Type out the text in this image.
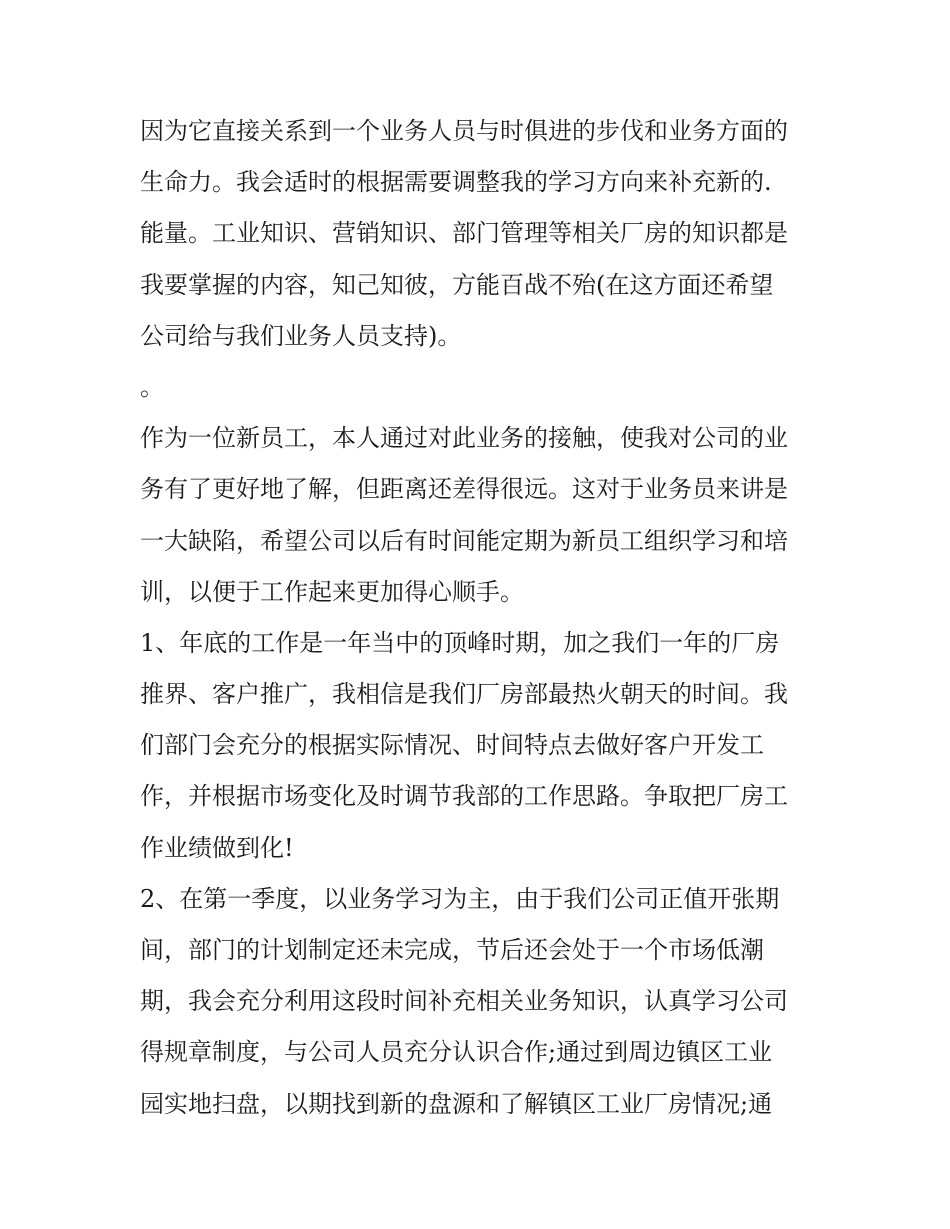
因为它直接关系到一个业务人员与时俱进的步伐和业务方面的
生命力。我会适时的根据需要调整我的学习方向来补充新的.
能量。工业知识、营销知识、部门管理等相关厂房的知识都是
我要掌握的内容，知己知彼，方能百战不殆(在这方面还希望
公司给与我们业务人员支持)。
。
作为一位新员工，本人通过对此业务的接触，使我对公司的业
务有了更好地了解，但距离还差得很远。这对于业务员来讲是
一大缺陷，希望公司以后有时间能定期为新员工组织学习和培
训，以便于工作起来更加得心顺手。
1、年底的工作是一年当中的顶峰时期，加之我们一年的厂房
推界、客户推广，我相信是我们厂房部最热火朝天的时间。我
们部门会充分的根据实际情况、时间特点去做好客户开发工
作，并根据市场变化及时调节我部的工作思路。争取把厂房工
作业绩做到化!
2、在第一季度，以业务学习为主，由于我们公司正值开张期
间，部门的计划制定还未完成，节后还会处于一个市场低潮
期，我会充分利用这段时间补充相关业务知识，认真学习公司
得规章制度，与公司人员充分认识合作;通过到周边镇区工业
园实地扫盘，以期找到新的盘源和了解镇区工业厂房情况;通
